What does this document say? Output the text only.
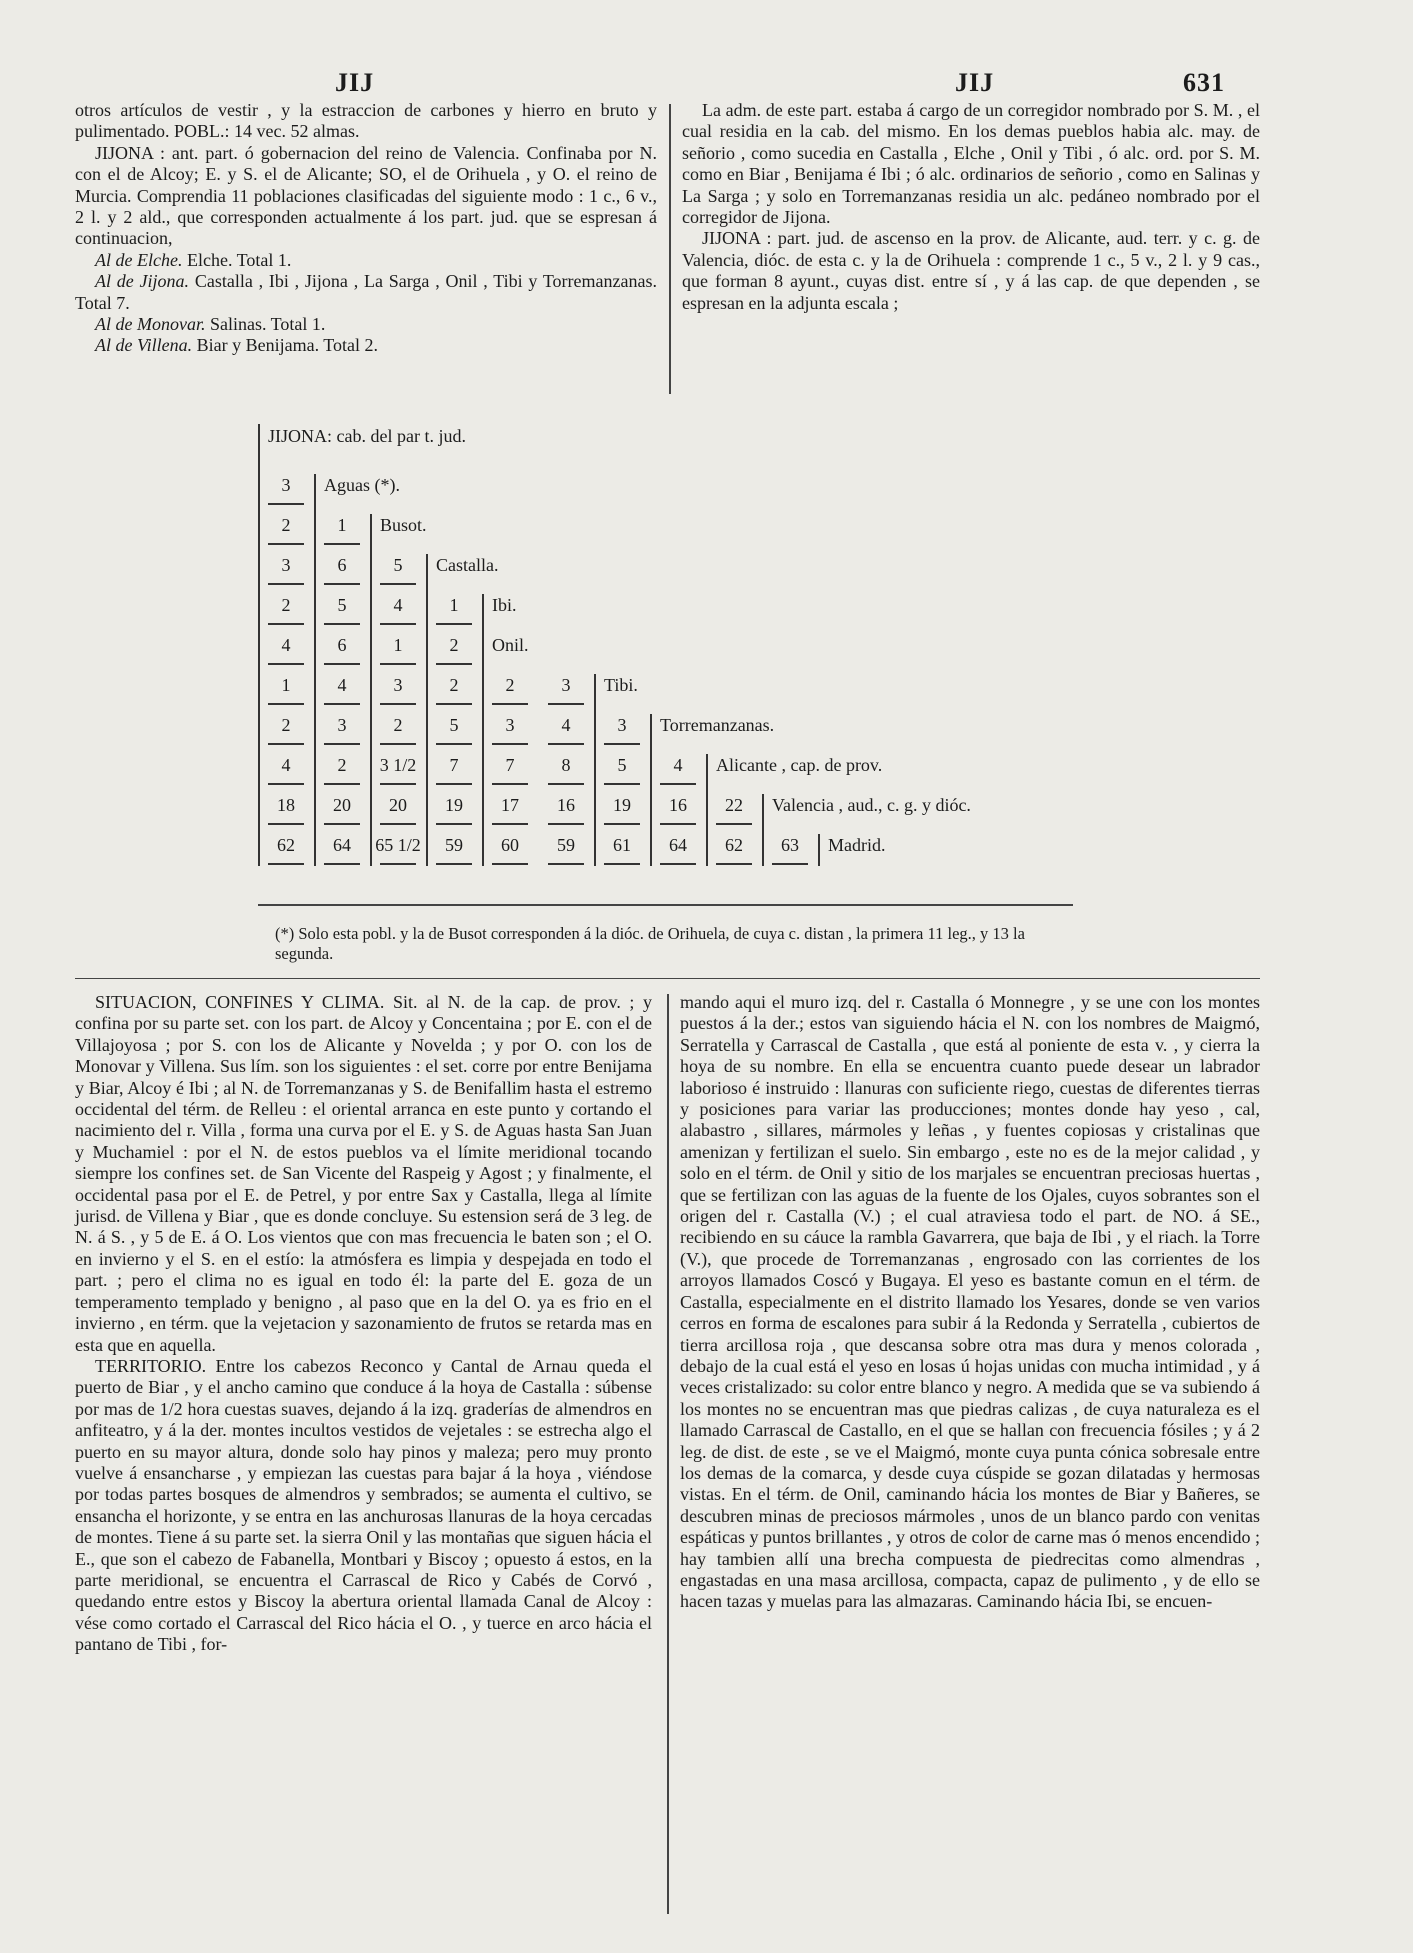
JIJ	JIJ	631

otros artículos de vestir , y la estraccion de carbones y hierro en bruto y pulimentado. POBL.: 14 vec. 52 almas.

JIJONA : ant. part. ó gobernacion del reino de Valencia. Confinaba por N. con el de Alcoy; E. y S. el de Alicante; SO, el de Orihuela , y O. el reino de Murcia. Comprendia 11 poblaciones clasificadas del siguiente modo : 1 c., 6 v., 2 l. y 2 ald., que corresponden actualmente á los part. jud. que se espresan á continuacion,

Al de Elche. Elche. Total 1.

Al de Jijona. Castalla , Ibi , Jijona , La Sarga , Onil , Tibi y Torremanzanas. Total 7.

Al de Monovar. Salinas. Total 1.

Al de Villena. Biar y Benijama. Total 2.

La adm. de este part. estaba á cargo de un corregidor nombrado por S. M. , el cual residia en la cab. del mismo. En los demas pueblos habia alc. may. de señorio , como sucedia en Castalla , Elche , Onil y Tibi , ó alc. ord. por S. M. como en Biar , Benijama é Ibi ; ó alc. ordinarios de señorio , como en Salinas y La Sarga ; y solo en Torremanzanas residia un alc. pedáneo nombrado por el corregidor de Jijona.

JIJONA : part. jud. de ascenso en la prov. de Alicante, aud. terr. y c. g. de Valencia, dióc. de esta c. y la de Orihuela : comprende 1 c., 5 v., 2 l. y 9 cas., que forman 8 ayunt., cuyas dist. entre sí , y á las cap. de que dependen , se espresan en la adjunta escala ;

JIJONA: cab. del par t. jud.
3	Aguas (*).
2	1	Busot.
3	6	5	Castalla.
2	5	4	1	Ibi.
4	6	1	2	Onil.
1	4	3	2	2	3	Tibi.
2	3	2	5	3	4	3	Torremanzanas.
4	2	3 1/2	7	7	8	5	4	Alicante , cap. de prov.
18	20	20	19	17	16	19	16	22	Valencia , aud., c. g. y dióc.
62	64	65 1/2	59	60	59	61	64	62	63	Madrid.
(*) Solo esta pobl. y la de Busot corresponden á la dióc. de Orihuela, de cuya c. distan , la primera 11 leg., y 13 la segunda.

SITUACION, CONFINES Y CLIMA. Sit. al N. de la cap. de prov. ; y confina por su parte set. con los part. de Alcoy y Concentaina ; por E. con el de Villajoyosa ; por S. con los de Alicante y Novelda ; y por O. con los de Monovar y Villena. Sus lím. son los siguientes : el set. corre por entre Benijama y Biar, Alcoy é Ibi ; al N. de Torremanzanas y S. de Benifallim hasta el estremo occidental del térm. de Relleu : el oriental arranca en este punto y cortando el nacimiento del r. Villa , forma una curva por el E. y S. de Aguas hasta San Juan y Muchamiel : por el N. de estos pueblos va el límite meridional tocando siempre los confines set. de San Vicente del Raspeig y Agost ; y finalmente, el occidental pasa por el E. de Petrel, y por entre Sax y Castalla, llega al límite jurisd. de Villena y Biar , que es donde concluye. Su estension será de 3 leg. de N. á S. , y 5 de E. á O. Los vientos que con mas frecuencia le baten son ; el O. en invierno y el S. en el estío: la atmósfera es limpia y despejada en todo el part. ; pero el clima no es igual en todo él: la parte del E. goza de un temperamento templado y benigno , al paso que en la del O. ya es frio en el invierno , en térm. que la vejetacion y sazonamiento de frutos se retarda mas en esta que en aquella.

TERRITORIO. Entre los cabezos Reconco y Cantal de Arnau queda el puerto de Biar , y el ancho camino que conduce á la hoya de Castalla : súbense por mas de 1/2 hora cuestas suaves, dejando á la izq. graderías de almendros en anfiteatro, y á la der. montes incultos vestidos de vejetales : se estrecha algo el puerto en su mayor altura, donde solo hay pinos y maleza; pero muy pronto vuelve á ensancharse , y empiezan las cuestas para bajar á la hoya , viéndose por todas partes bosques de almendros y sembrados; se aumenta el cultivo, se ensancha el horizonte, y se entra en las anchurosas llanuras de la hoya cercadas de montes. Tiene á su parte set. la sierra Onil y las montañas que siguen hácia el E., que son el cabezo de Fabanella, Montbari y Biscoy ; opuesto á estos, en la parte meridional, se encuentra el Carrascal de Rico y Cabés de Corvó , quedando entre estos y Biscoy la abertura oriental llamada Canal de Alcoy : vése como cortado el Carrascal del Rico hácia el O. , y tuerce en arco hácia el pantano de Tibi , for-

mando aqui el muro izq. del r. Castalla ó Monnegre , y se une con los montes puestos á la der.; estos van siguiendo hácia el N. con los nombres de Maigmó, Serratella y Carrascal de Castalla , que está al poniente de esta v. , y cierra la hoya de su nombre. En ella se encuentra cuanto puede desear un labrador laborioso é instruido : llanuras con suficiente riego, cuestas de diferentes tierras y posiciones para variar las producciones; montes donde hay yeso , cal, alabastro , sillares, mármoles y leñas , y fuentes copiosas y cristalinas que amenizan y fertilizan el suelo. Sin embargo , este no es de la mejor calidad , y solo en el térm. de Onil y sitio de los marjales se encuentran preciosas huertas , que se fertilizan con las aguas de la fuente de los Ojales, cuyos sobrantes son el origen del r. Castalla (V.) ; el cual atraviesa todo el part. de NO. á SE., recibiendo en su cáuce la rambla Gavarrera, que baja de Ibi , y el riach. la Torre (V.), que procede de Torremanzanas , engrosado con las corrientes de los arroyos llamados Coscó y Bugaya. El yeso es bastante comun en el térm. de Castalla, especialmente en el distrito llamado los Yesares, donde se ven varios cerros en forma de escalones para subir á la Redonda y Serratella , cubiertos de tierra arcillosa roja , que descansa sobre otra mas dura y menos colorada , debajo de la cual está el yeso en losas ú hojas unidas con mucha intimidad , y á veces cristalizado: su color entre blanco y negro. A medida que se va subiendo á los montes no se encuentran mas que piedras calizas , de cuya naturaleza es el llamado Carrascal de Castallo, en el que se hallan con frecuencia fósiles ; y á 2 leg. de dist. de este , se ve el Maigmó, monte cuya punta cónica sobresale entre los demas de la comarca, y desde cuya cúspide se gozan dilatadas y hermosas vistas. En el térm. de Onil, caminando hácia los montes de Biar y Bañeres, se descubren minas de preciosos mármoles , unos de un blanco pardo con venitas espáticas y puntos brillantes , y otros de color de carne mas ó menos encendido ; hay tambien allí una brecha compuesta de piedrecitas como almendras , engastadas en una masa arcillosa, compacta, capaz de pulimento , y de ello se hacen tazas y muelas para las almazaras. Caminando hácia Ibi, se encuen-
